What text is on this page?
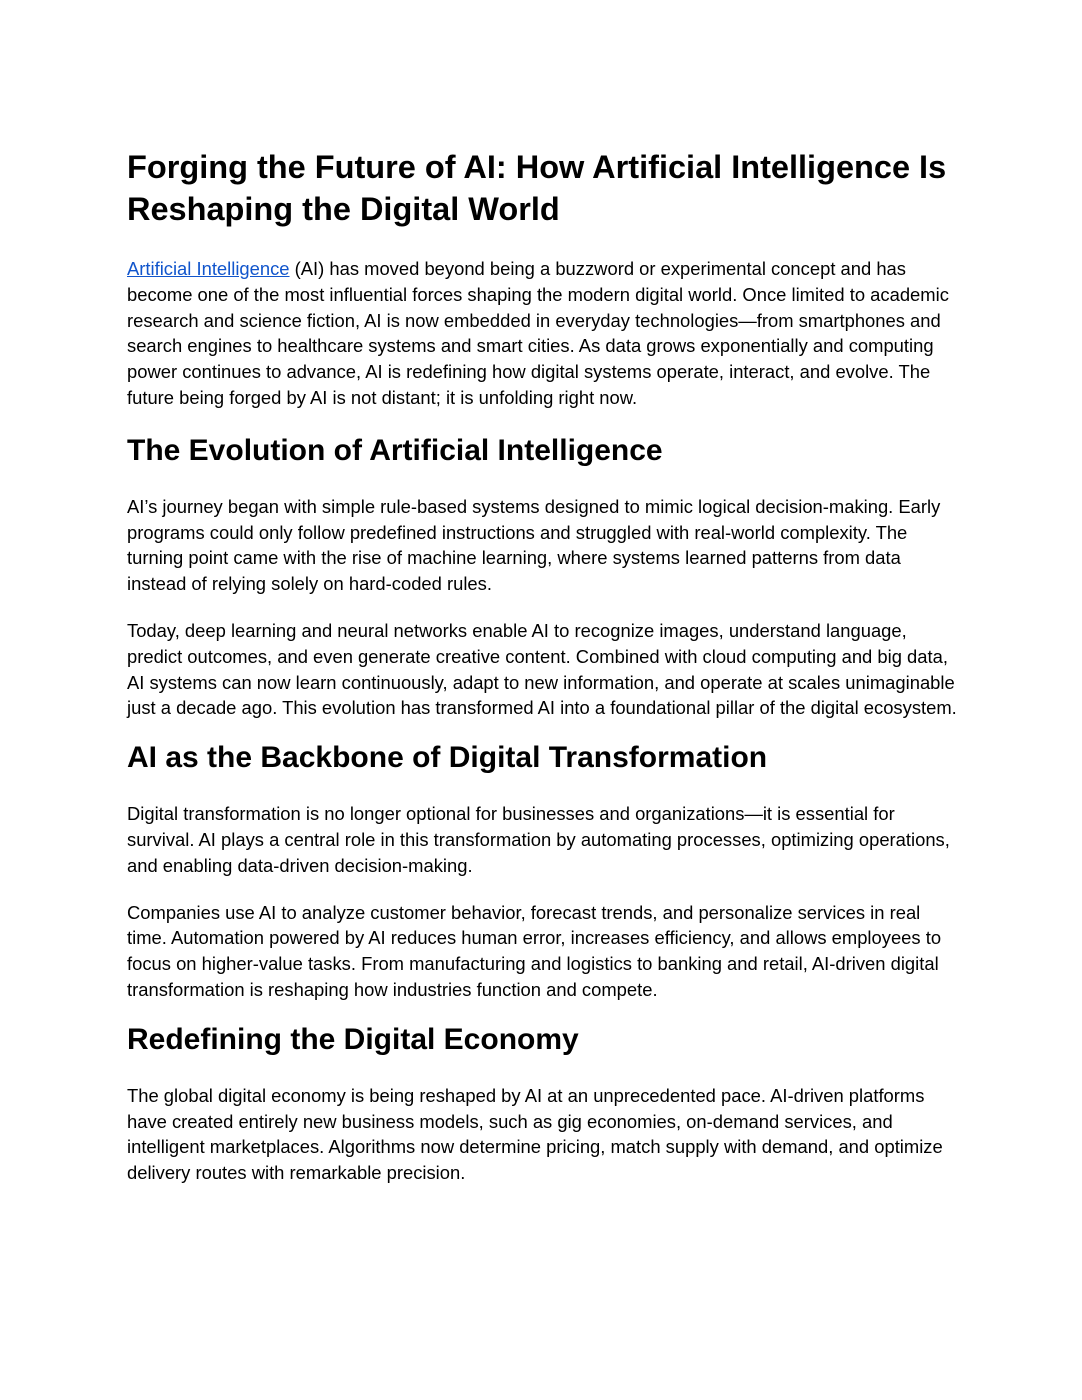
Forging the Future of AI: How Artificial Intelligence Is Reshaping the Digital World

Artificial Intelligence (AI) has moved beyond being a buzzword or experimental concept and has become one of the most influential forces shaping the modern digital world. Once limited to academic research and science fiction, AI is now embedded in everyday technologies—from smartphones and search engines to healthcare systems and smart cities. As data grows exponentially and computing power continues to advance, AI is redefining how digital systems operate, interact, and evolve. The future being forged by AI is not distant; it is unfolding right now.

The Evolution of Artificial Intelligence

AI’s journey began with simple rule-based systems designed to mimic logical decision-making. Early programs could only follow predefined instructions and struggled with real-world complexity. The turning point came with the rise of machine learning, where systems learned patterns from data instead of relying solely on hard-coded rules.

Today, deep learning and neural networks enable AI to recognize images, understand language, predict outcomes, and even generate creative content. Combined with cloud computing and big data, AI systems can now learn continuously, adapt to new information, and operate at scales unimaginable just a decade ago. This evolution has transformed AI into a foundational pillar of the digital ecosystem.

AI as the Backbone of Digital Transformation

Digital transformation is no longer optional for businesses and organizations—it is essential for survival. AI plays a central role in this transformation by automating processes, optimizing operations, and enabling data-driven decision-making.

Companies use AI to analyze customer behavior, forecast trends, and personalize services in real time. Automation powered by AI reduces human error, increases efficiency, and allows employees to focus on higher-value tasks. From manufacturing and logistics to banking and retail, AI-driven digital transformation is reshaping how industries function and compete.

Redefining the Digital Economy

The global digital economy is being reshaped by AI at an unprecedented pace. AI-driven platforms have created entirely new business models, such as gig economies, on-demand services, and intelligent marketplaces. Algorithms now determine pricing, match supply with demand, and optimize delivery routes with remarkable precision.
